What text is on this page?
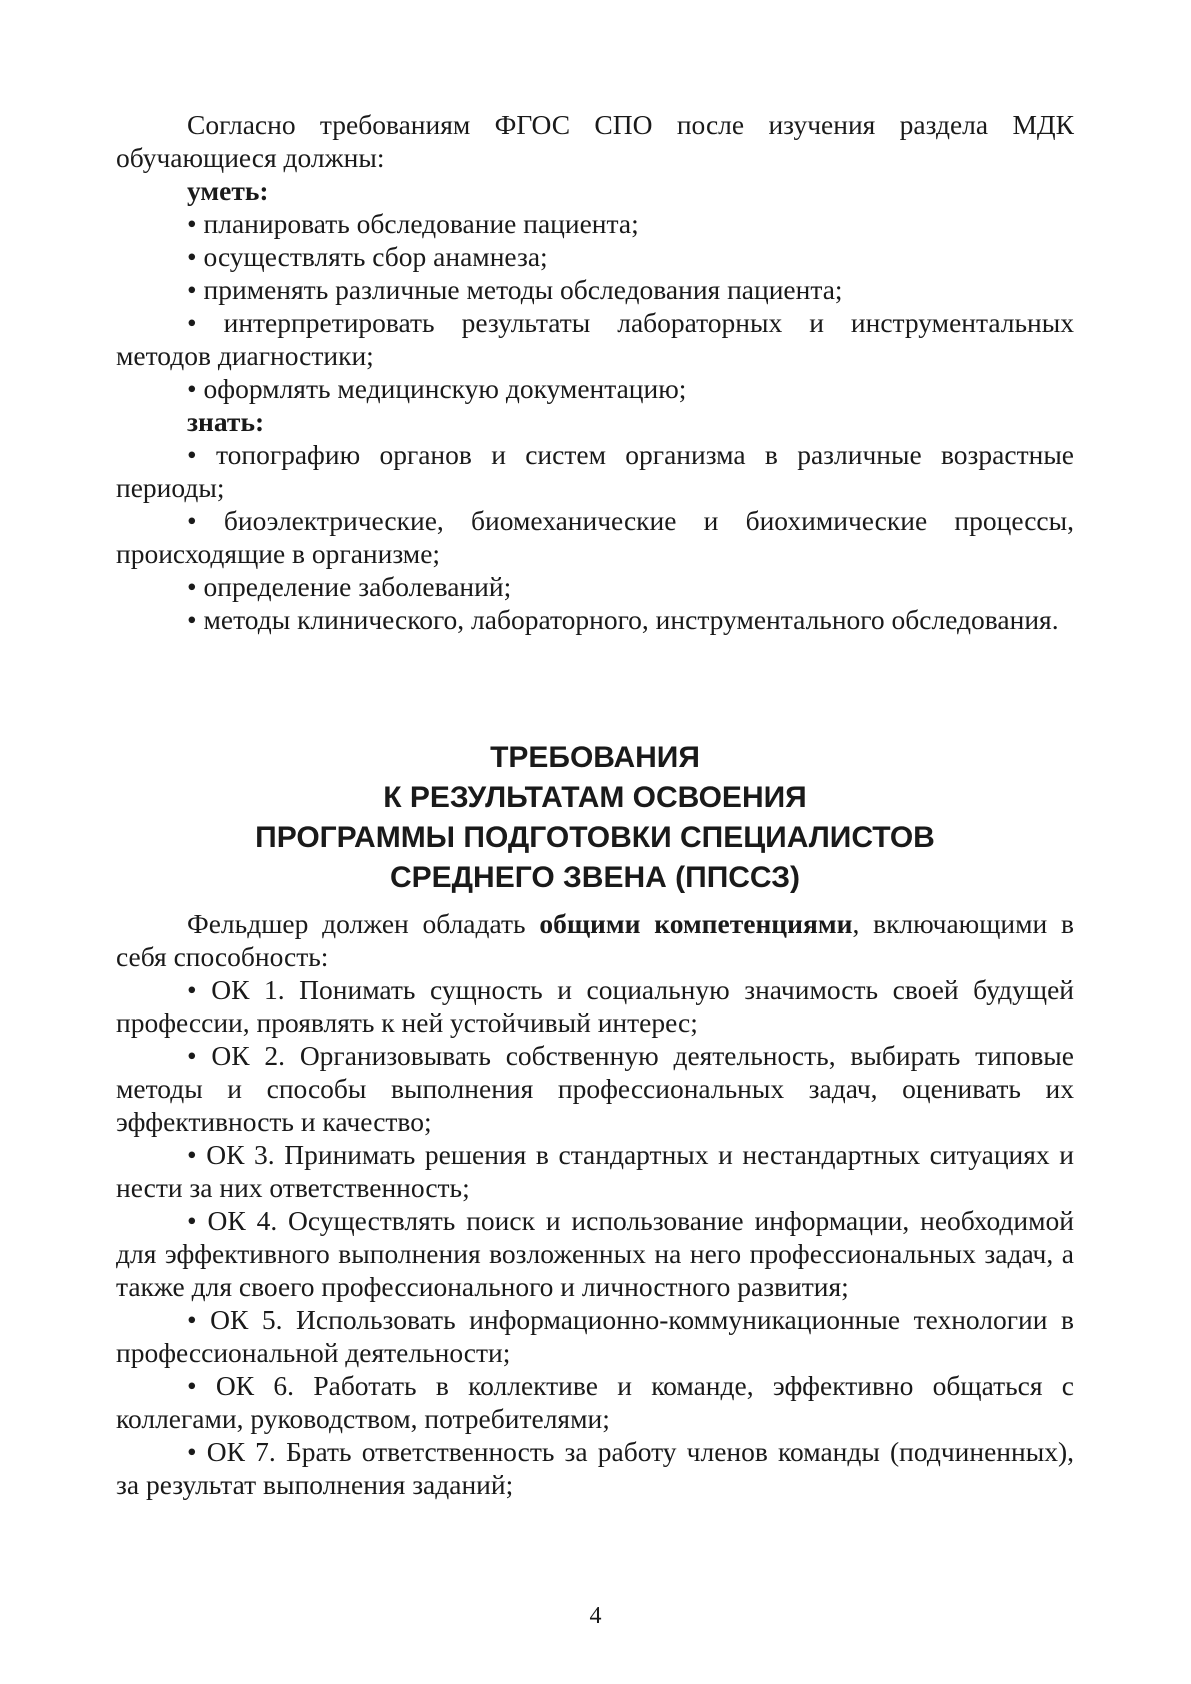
Согласно требованиям ФГОС СПО после изучения раздела МДК обучающиеся должны:

уметь:

• планировать обследование пациента;

• осуществлять сбор анамнеза;

• применять различные методы обследования пациента;

• интерпретировать результаты лабораторных и инструментальных методов диагностики;

• оформлять медицинскую документацию;

знать:

• топографию органов и систем организма в различные возрастные периоды;

• биоэлектрические, биомеханические и биохимические процессы, происходящие в организме;

• определение заболеваний;

• методы клинического, лабораторного, инструментального обследования.

ТРЕБОВАНИЯ
К РЕЗУЛЬТАТАМ ОСВОЕНИЯ
ПРОГРАММЫ ПОДГОТОВКИ СПЕЦИАЛИСТОВ
СРЕДНЕГО ЗВЕНА (ППССЗ)

Фельдшер должен обладать общими компетенциями, включающими в себя способность:

• ОК 1. Понимать сущность и социальную значимость своей будущей профессии, проявлять к ней устойчивый интерес;

• ОК 2. Организовывать собственную деятельность, выбирать типовые методы и способы выполнения профессиональных задач, оценивать их эффективность и качество;

• ОК 3. Принимать решения в стандартных и нестандартных ситуациях и нести за них ответственность;

• ОК 4. Осуществлять поиск и использование информации, необходимой для эффективного выполнения возложенных на него профессиональных задач, а также для своего профессионального и личностного развития;

• ОК 5. Использовать информационно-коммуникационные технологии в профессиональной деятельности;

• ОК 6. Работать в коллективе и команде, эффективно общаться с коллегами, руководством, потребителями;

• ОК 7. Брать ответственность за работу членов команды (подчиненных), за результат выполнения заданий;

4
